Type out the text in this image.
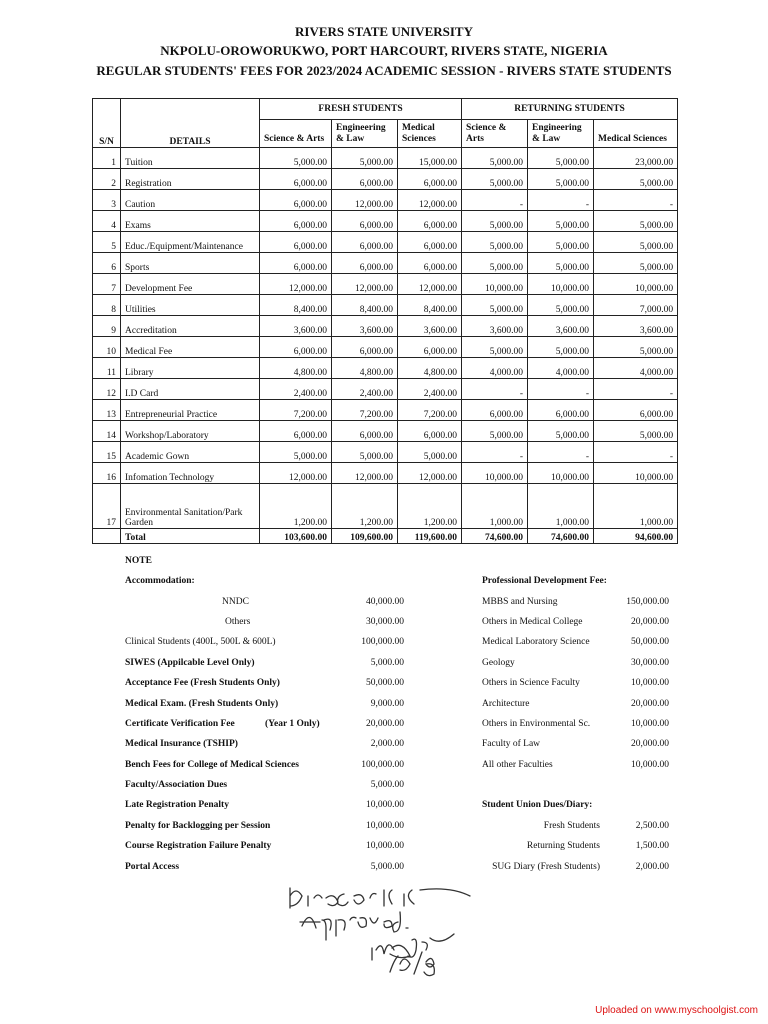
RIVERS STATE UNIVERSITY
NKPOLU-OROWORUKWO, PORT HARCOURT, RIVERS STATE, NIGERIA
REGULAR STUDENTS' FEES FOR 2023/2024 ACADEMIC SESSION - RIVERS STATE STUDENTS
S/N	DETAILS	FRESH STUDENTS			RETURNING STUDENTS		
		Science & Arts	Engineering & Law	Medical Sciences	Science & Arts	Engineering & Law	Medical Sciences
1	Tuition	5,000.00	5,000.00	15,000.00	5,000.00	5,000.00	23,000.00
2	Registration	6,000.00	6,000.00	6,000.00	5,000.00	5,000.00	5,000.00
3	Caution	6,000.00	12,000.00	12,000.00	-	-	-
4	Exams	6,000.00	6,000.00	6,000.00	5,000.00	5,000.00	5,000.00
5	Educ./Equipment/Maintenance	6,000.00	6,000.00	6,000.00	5,000.00	5,000.00	5,000.00
6	Sports	6,000.00	6,000.00	6,000.00	5,000.00	5,000.00	5,000.00
7	Development Fee	12,000.00	12,000.00	12,000.00	10,000.00	10,000.00	10,000.00
8	Utilities	8,400.00	8,400.00	8,400.00	5,000.00	5,000.00	7,000.00
9	Accreditation	3,600.00	3,600.00	3,600.00	3,600.00	3,600.00	3,600.00
10	Medical Fee	6,000.00	6,000.00	6,000.00	5,000.00	5,000.00	5,000.00
11	Library	4,800.00	4,800.00	4,800.00	4,000.00	4,000.00	4,000.00
12	I.D Card	2,400.00	2,400.00	2,400.00	-	-	-
13	Entrepreneurial Practice	7,200.00	7,200.00	7,200.00	6,000.00	6,000.00	6,000.00
14	Workshop/Laboratory	6,000.00	6,000.00	6,000.00	5,000.00	5,000.00	5,000.00
15	Academic Gown	5,000.00	5,000.00	5,000.00	-	-	-
16	Infomation Technology	12,000.00	12,000.00	12,000.00	10,000.00	10,000.00	10,000.00
17	Environmental Sanitation/Park Garden	1,200.00	1,200.00	1,200.00	1,000.00	1,000.00	1,000.00
	Total	103,600.00	109,600.00	119,600.00	74,600.00	74,600.00	94,600.00
NOTE
Accommodation:
NNDC	40,000.00
Others	30,000.00
Clinical Students (400L, 500L & 600L)	100,000.00
SIWES (Appilcable Level Only)	5,000.00
Acceptance Fee (Fresh Students Only)	50,000.00
Medical Exam. (Fresh Students Only)	9,000.00
Certificate Verification Fee	(Year 1 Only)	20,000.00
Medical Insurance (TSHIP)	2,000.00
Bench Fees for College of Medical Sciences	100,000.00
Faculty/Association Dues	5,000.00
Late Registration Penalty	10,000.00
Penalty for Backlogging per Session	10,000.00
Course Registration Failure Penalty	10,000.00
Portal Access	5,000.00
Professional Development Fee:
MBBS and Nursing	150,000.00
Others in Medical College	20,000.00
Medical Laboratory Science	50,000.00
Geology	30,000.00
Others in Science Faculty	10,000.00
Architecture	20,000.00
Others in Environmental Sc.	10,000.00
Faculty of Law	20,000.00
All other Faculties	10,000.00
Student Union Dues/Diary:
Fresh Students	2,500.00
Returning Students	1,500.00
SUG Diary (Fresh Students)	2,000.00
Uploaded on www.myschoolgist.com
